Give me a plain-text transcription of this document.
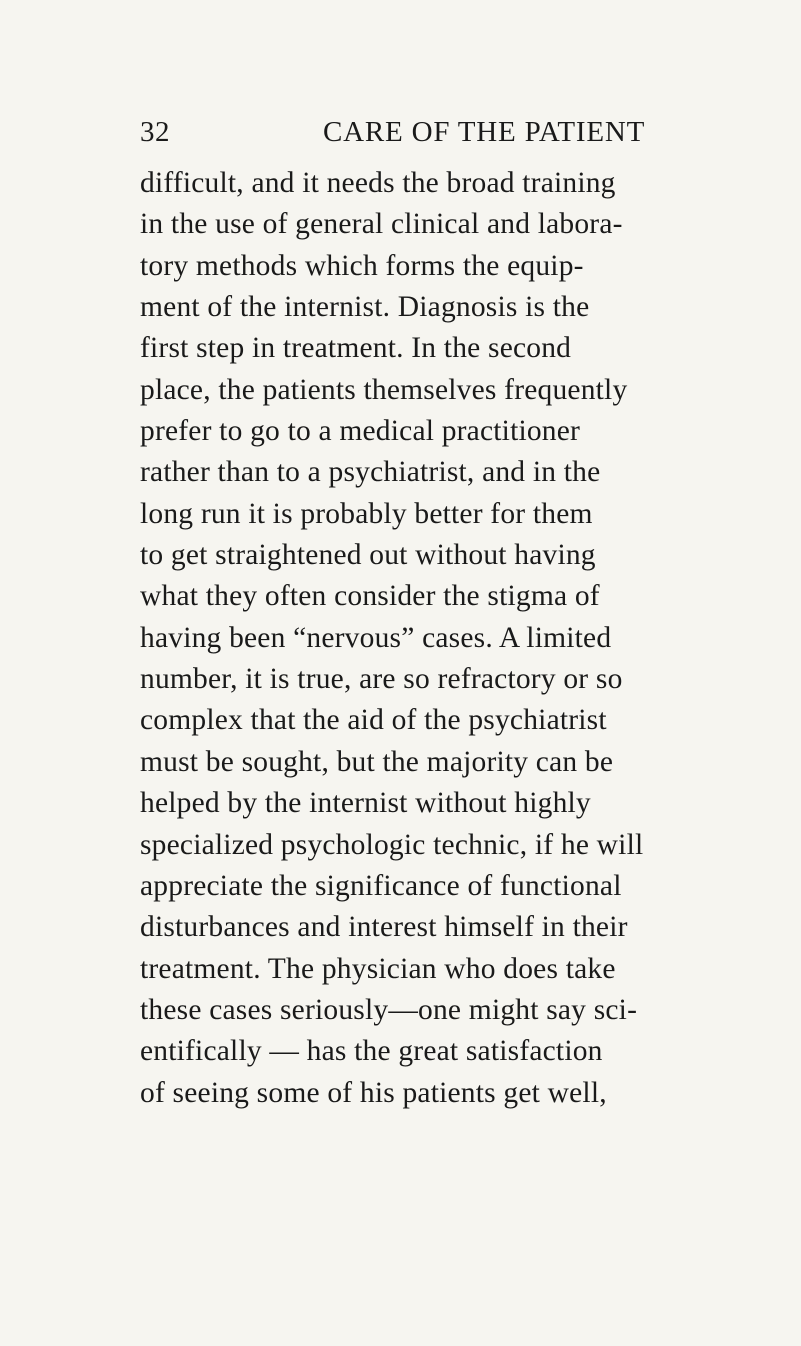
32	CARE OF THE PATIENT
difficult, and it needs the broad training
in the use of general clinical and labora-
tory methods which forms the equip-
ment of the internist. Diagnosis is the
first step in treatment. In the second
place, the patients themselves frequently
prefer to go to a medical practitioner
rather than to a psychiatrist, and in the
long run it is probably better for them
to get straightened out without having
what they often consider the stigma of
having been “nervous” cases. A limited
number, it is true, are so refractory or so
complex that the aid of the psychiatrist
must be sought, but the majority can be
helped by the internist without highly
specialized psychologic technic, if he will
appreciate the significance of functional
disturbances and interest himself in their
treatment. The physician who does take
these cases seriously—one might say sci-
entifically — has the great satisfaction
of seeing some of his patients get well,
